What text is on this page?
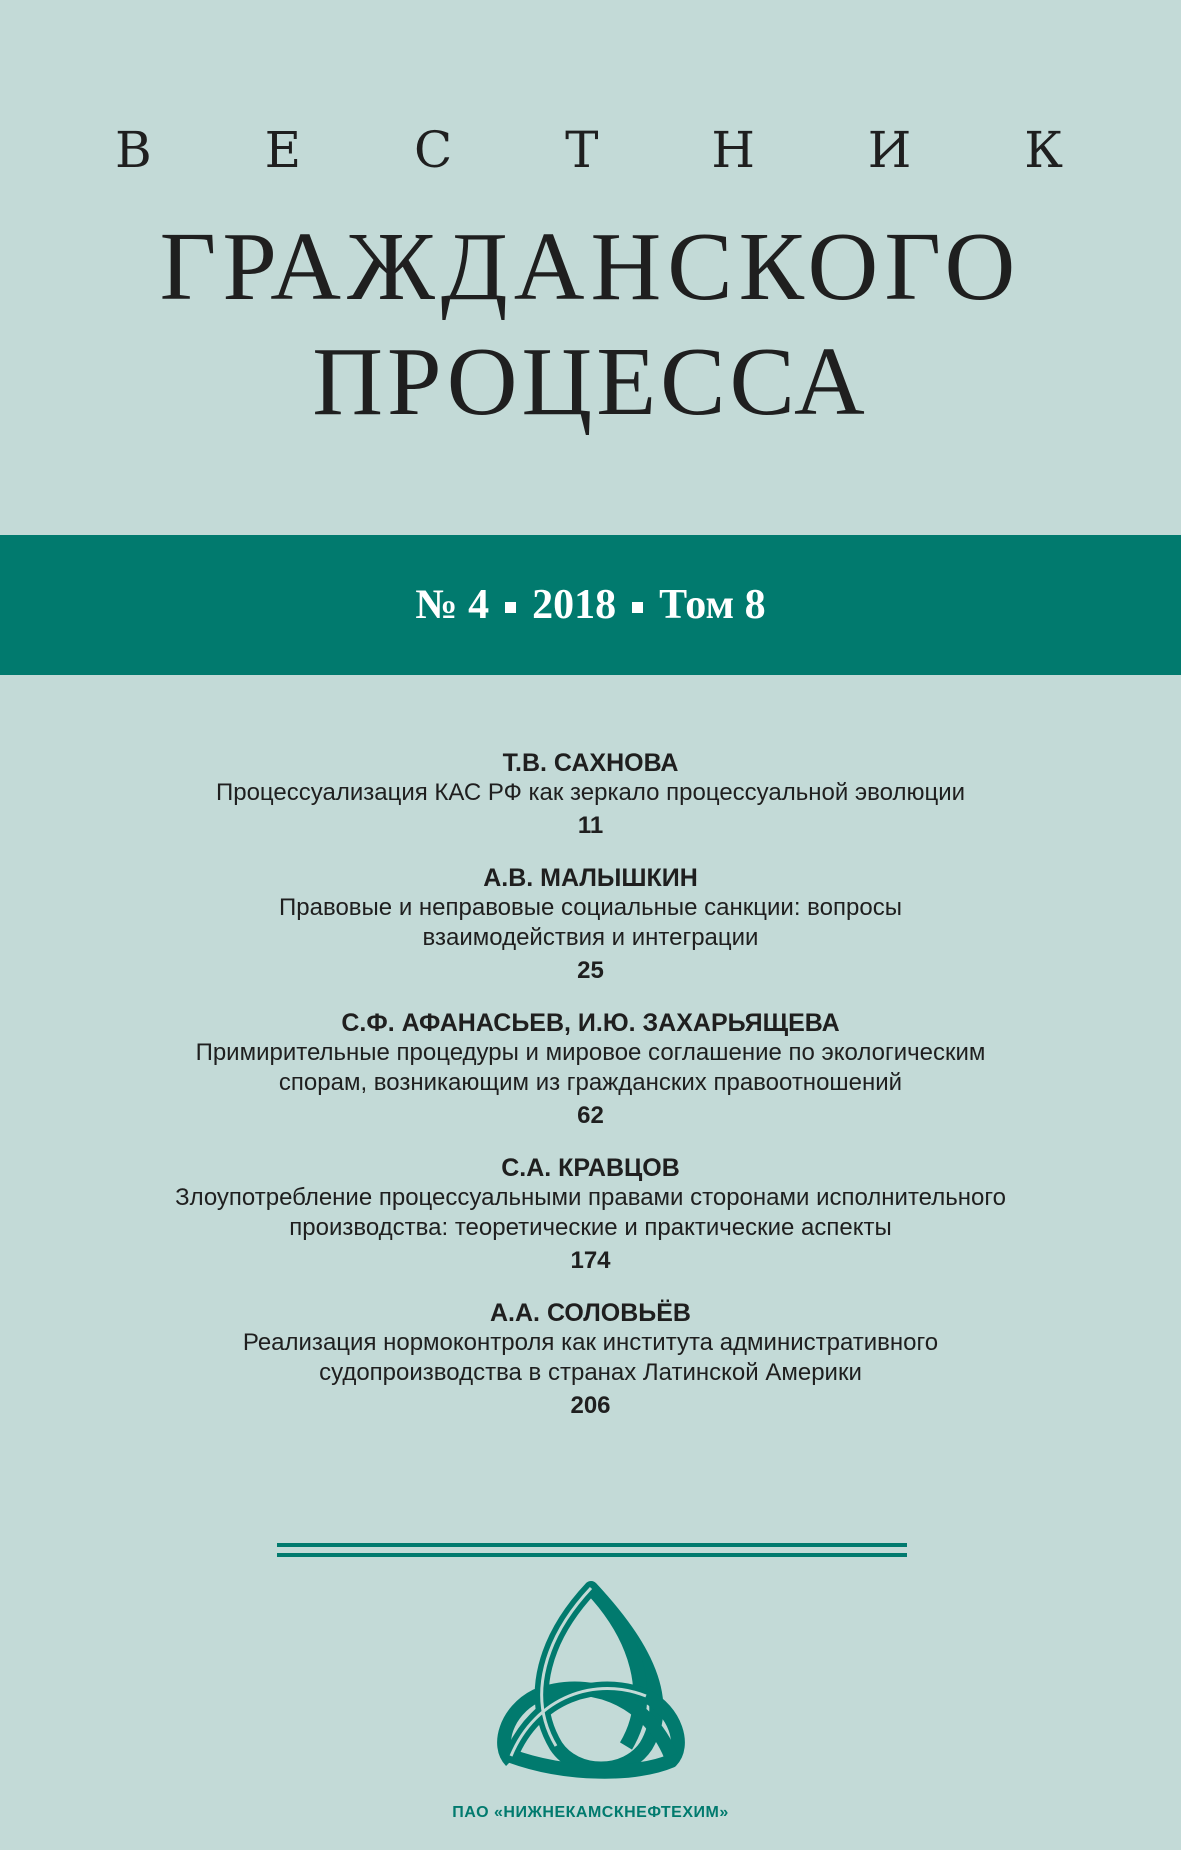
В Е С Т Н И К
ГРАЖДАНСКОГО
ПРОЦЕССА
№ 4 2018 Том 8
Т.В. САХНОВА
Процессуализация КАС РФ как зеркало процессуальной эволюции
11
А.В. МАЛЫШКИН
Правовые и неправовые социальные санкции: вопросы
взаимодействия и интеграции
25
С.Ф. АФАНАСЬЕВ, И.Ю. ЗАХАРЬЯЩЕВА
Примирительные процедуры и мировое соглашение по экологическим
спорам, возникающим из гражданских правоотношений
62
С.А. КРАВЦОВ
Злоупотребление процессуальными правами сторонами исполнительного
производства: теоретические и практические аспекты
174
А.А. СОЛОВЬЁВ
Реализация нормоконтроля как института административного
судопроизводства в странах Латинской Америки
206
ПАО «НИЖНЕКАМСКНЕФТЕХИМ»
